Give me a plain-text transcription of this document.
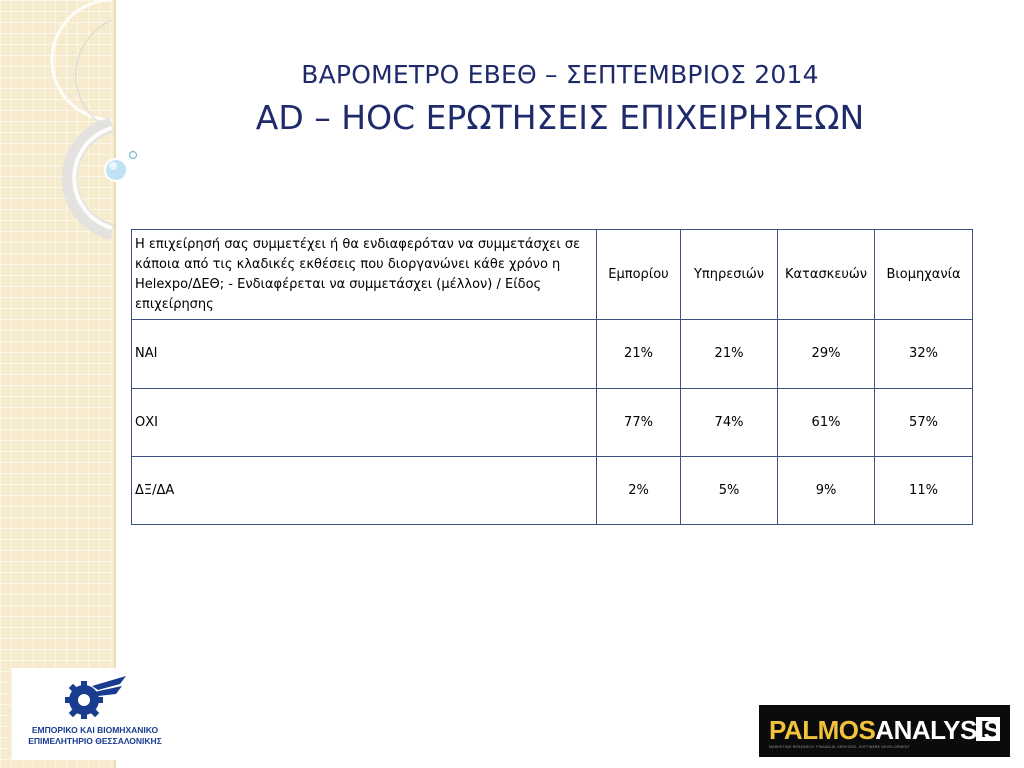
ΒΑΡΟΜΕΤΡΟ ΕΒΕΘ – ΣΕΠΤΕΜΒΡΙΟΣ 2014
AD – HOC ΕΡΩΤΗΣΕΙΣ ΕΠΙΧΕΙΡΗΣΕΩΝ
Η επιχείρησή σας συμμετέχει ή θα ενδιαφερόταν να συμμετάσχει σε κάποια από τις κλαδικές εκθέσεις που διοργανώνει κάθε χρόνο η Helexpo/ΔΕΘ; - Ενδιαφέρεται να συμμετάσχει (μέλλον) / Είδος επιχείρησης	Εμπορίου	Υπηρεσιών	Κατασκευών	Βιομηχανία
ΝΑΙ	21%	21%	29%	32%
ΟΧΙ	77%	74%	61%	57%
ΔΞ/ΔΑ	2%	5%	9%	11%
ΕΜΠΟΡΙΚΟ ΚΑΙ ΒΙΟΜΗΧΑΝΙΚΟ
ΕΠΙΜΕΛΗΤΗΡΙΟ ΘΕΣΣΑΛΟΝΙΚΗΣ	PALMOSANALYSIS
MARKETING RESEARCH, FINANCIAL SERVICES, SOFTWARE DEVELOPMENT
